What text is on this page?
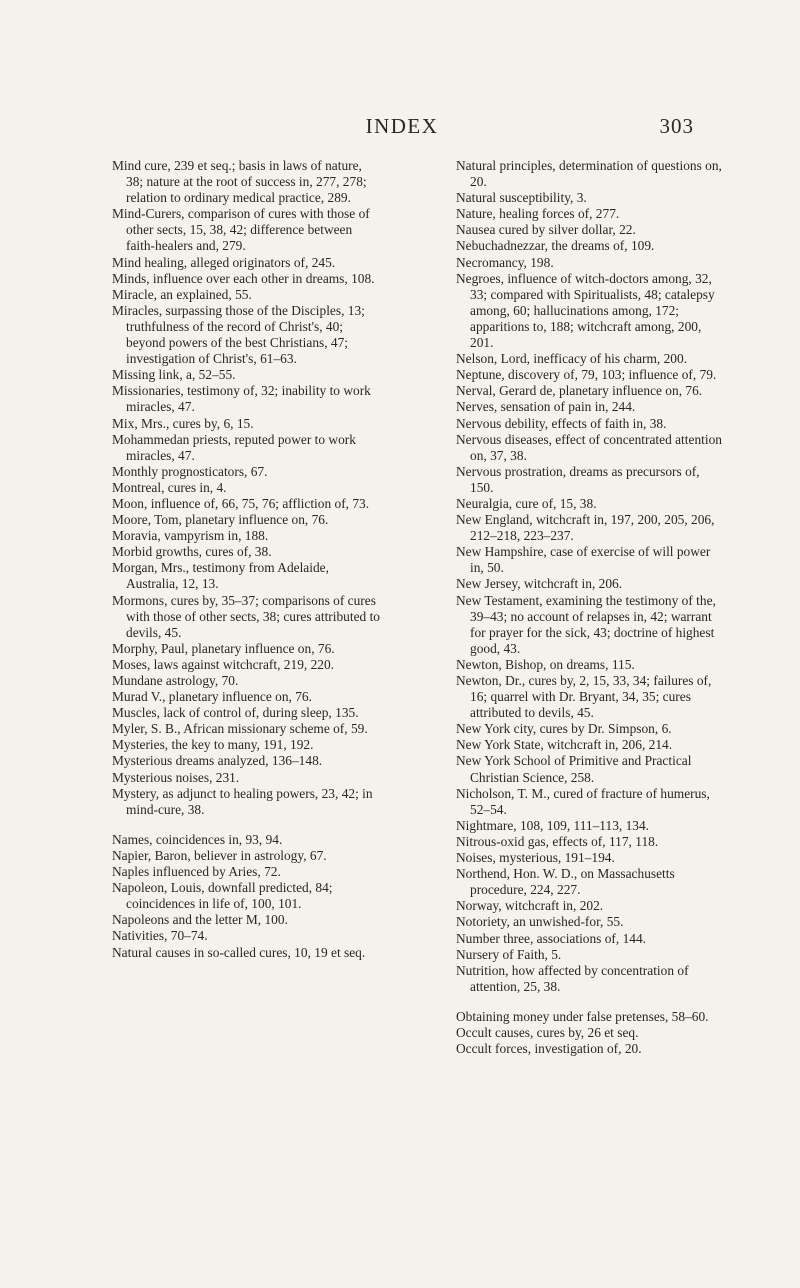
INDEX	303

Mind cure, 239 et seq.; basis in laws of nature, 38; nature at the root of success in, 277, 278; relation to ordinary medical practice, 289.

Mind-Curers, comparison of cures with those of other sects, 15, 38, 42; difference between faith-healers and, 279.

Mind healing, alleged originators of, 245.

Minds, influence over each other in dreams, 108.

Miracle, an explained, 55.

Miracles, surpassing those of the Disciples, 13; truthfulness of the record of Christ's, 40; beyond powers of the best Christians, 47; investigation of Christ's, 61–63.

Missing link, a, 52–55.

Missionaries, testimony of, 32; inability to work miracles, 47.

Mix, Mrs., cures by, 6, 15.

Mohammedan priests, reputed power to work miracles, 47.

Monthly prognosticators, 67.

Montreal, cures in, 4.

Moon, influence of, 66, 75, 76; affliction of, 73.

Moore, Tom, planetary influence on, 76.

Moravia, vampyrism in, 188.

Morbid growths, cures of, 38.

Morgan, Mrs., testimony from Adelaide, Australia, 12, 13.

Mormons, cures by, 35–37; comparisons of cures with those of other sects, 38; cures attributed to devils, 45.

Morphy, Paul, planetary influence on, 76.

Moses, laws against witchcraft, 219, 220.

Mundane astrology, 70.

Murad V., planetary influence on, 76.

Muscles, lack of control of, during sleep, 135.

Myler, S. B., African missionary scheme of, 59.

Mysteries, the key to many, 191, 192.

Mysterious dreams analyzed, 136–148.

Mysterious noises, 231.

Mystery, as adjunct to healing powers, 23, 42; in mind-cure, 38.

Names, coincidences in, 93, 94.

Napier, Baron, believer in astrology, 67.

Naples influenced by Aries, 72.

Napoleon, Louis, downfall predicted, 84; coincidences in life of, 100, 101.

Napoleons and the letter M, 100.

Nativities, 70–74.

Natural causes in so-called cures, 10, 19 et seq.

Natural principles, determination of questions on, 20.

Natural susceptibility, 3.

Nature, healing forces of, 277.

Nausea cured by silver dollar, 22.

Nebuchadnezzar, the dreams of, 109.

Necromancy, 198.

Negroes, influence of witch-doctors among, 32, 33; compared with Spiritualists, 48; catalepsy among, 60; hallucinations among, 172; apparitions to, 188; witchcraft among, 200, 201.

Nelson, Lord, inefficacy of his charm, 200.

Neptune, discovery of, 79, 103; influence of, 79.

Nerval, Gerard de, planetary influence on, 76.

Nerves, sensation of pain in, 244.

Nervous debility, effects of faith in, 38.

Nervous diseases, effect of concentrated attention on, 37, 38.

Nervous prostration, dreams as precursors of, 150.

Neuralgia, cure of, 15, 38.

New England, witchcraft in, 197, 200, 205, 206, 212–218, 223–237.

New Hampshire, case of exercise of will power in, 50.

New Jersey, witchcraft in, 206.

New Testament, examining the testimony of the, 39–43; no account of relapses in, 42; warrant for prayer for the sick, 43; doctrine of highest good, 43.

Newton, Bishop, on dreams, 115.

Newton, Dr., cures by, 2, 15, 33, 34; failures of, 16; quarrel with Dr. Bryant, 34, 35; cures attributed to devils, 45.

New York city, cures by Dr. Simpson, 6.

New York State, witchcraft in, 206, 214.

New York School of Primitive and Practical Christian Science, 258.

Nicholson, T. M., cured of fracture of humerus, 52–54.

Nightmare, 108, 109, 111–113, 134.

Nitrous-oxid gas, effects of, 117, 118.

Noises, mysterious, 191–194.

Northend, Hon. W. D., on Massachusetts procedure, 224, 227.

Norway, witchcraft in, 202.

Notoriety, an unwished-for, 55.

Number three, associations of, 144.

Nursery of Faith, 5.

Nutrition, how affected by concentration of attention, 25, 38.

Obtaining money under false pretenses, 58–60.

Occult causes, cures by, 26 et seq.

Occult forces, investigation of, 20.
